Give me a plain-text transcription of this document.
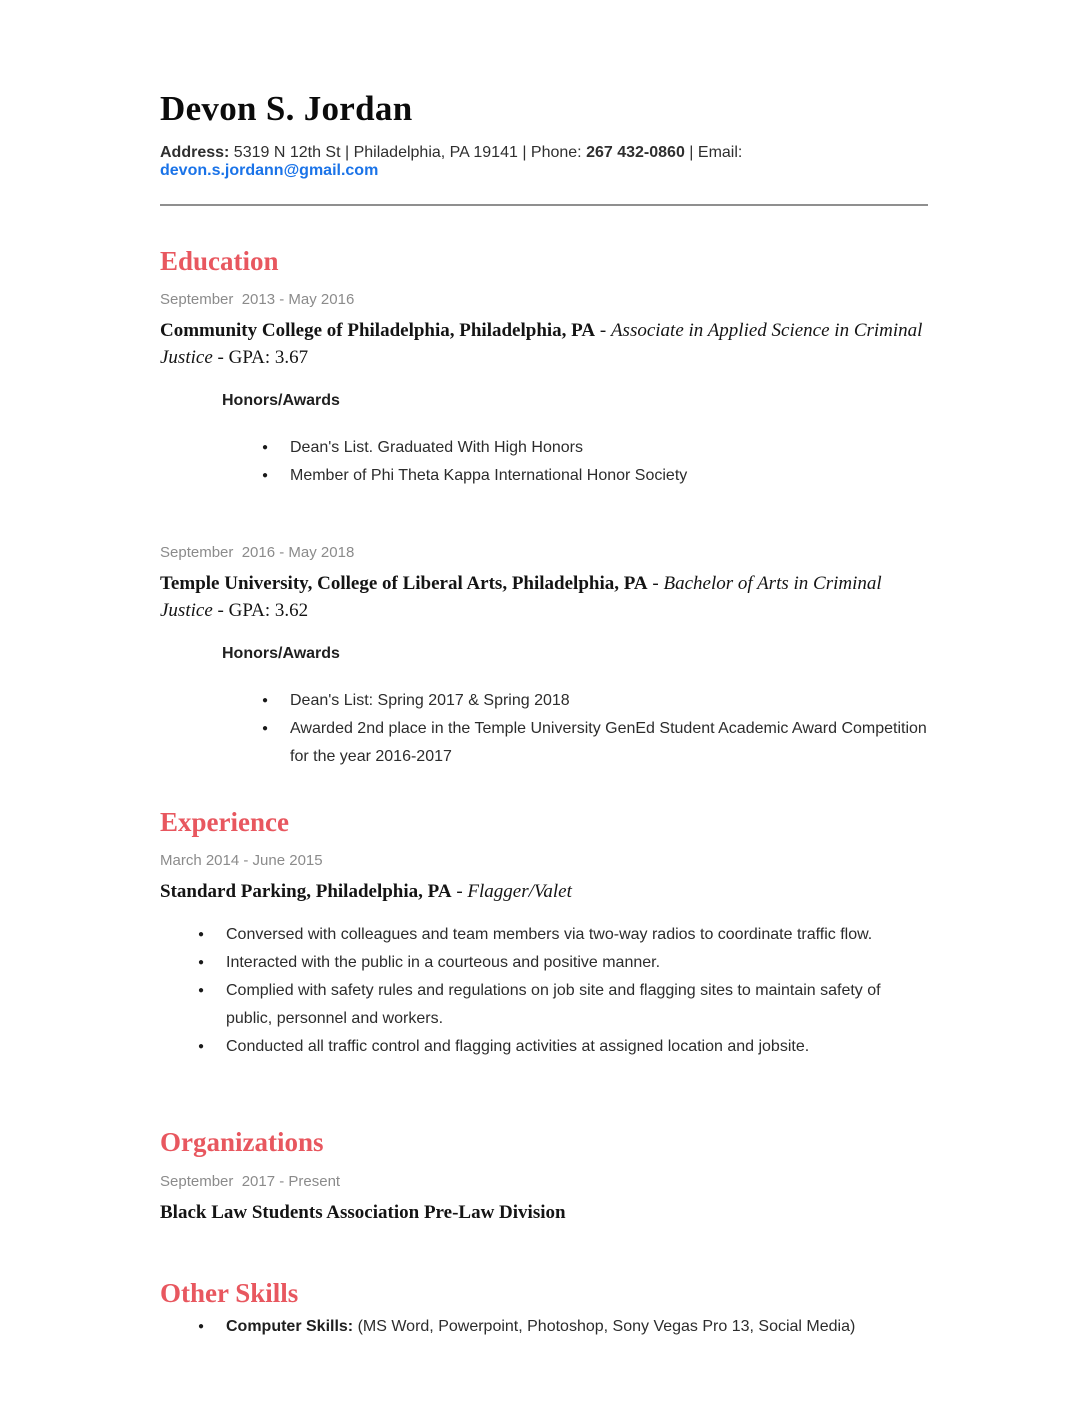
Devon S. Jordan

Address: 5319 N 12th St | Philadelphia, PA 19141 | Phone: 267 432-0860 | Email: devon.s.jordann@gmail.com

Education

September  2013 - May 2016

Community College of Philadelphia, Philadelphia, PA - Associate in Applied Science in Criminal Justice - GPA: 3.67

Honors/Awards

● Dean's List. Graduated With High Honors
● Member of Phi Theta Kappa International Honor Society

September  2016 - May 2018

Temple University, College of Liberal Arts, Philadelphia, PA - Bachelor of Arts in Criminal Justice - GPA: 3.62

Honors/Awards

● Dean's List: Spring 2017 & Spring 2018
● Awarded 2nd place in the Temple University GenEd Student Academic Award Competition for the year 2016-2017
Experience

March 2014 - June 2015

Standard Parking, Philadelphia, PA - Flagger/Valet

● Conversed with colleagues and team members via two-way radios to coordinate traffic flow.
● Interacted with the public in a courteous and positive manner.
● Complied with safety rules and regulations on job site and flagging sites to maintain safety of public, personnel and workers.
● Conducted all traffic control and flagging activities at assigned location and jobsite.
Organizations

September  2017 - Present

Black Law Students Association Pre-Law Division

Other Skills
● Computer Skills: (MS Word, Powerpoint, Photoshop, Sony Vegas Pro 13, Social Media)
